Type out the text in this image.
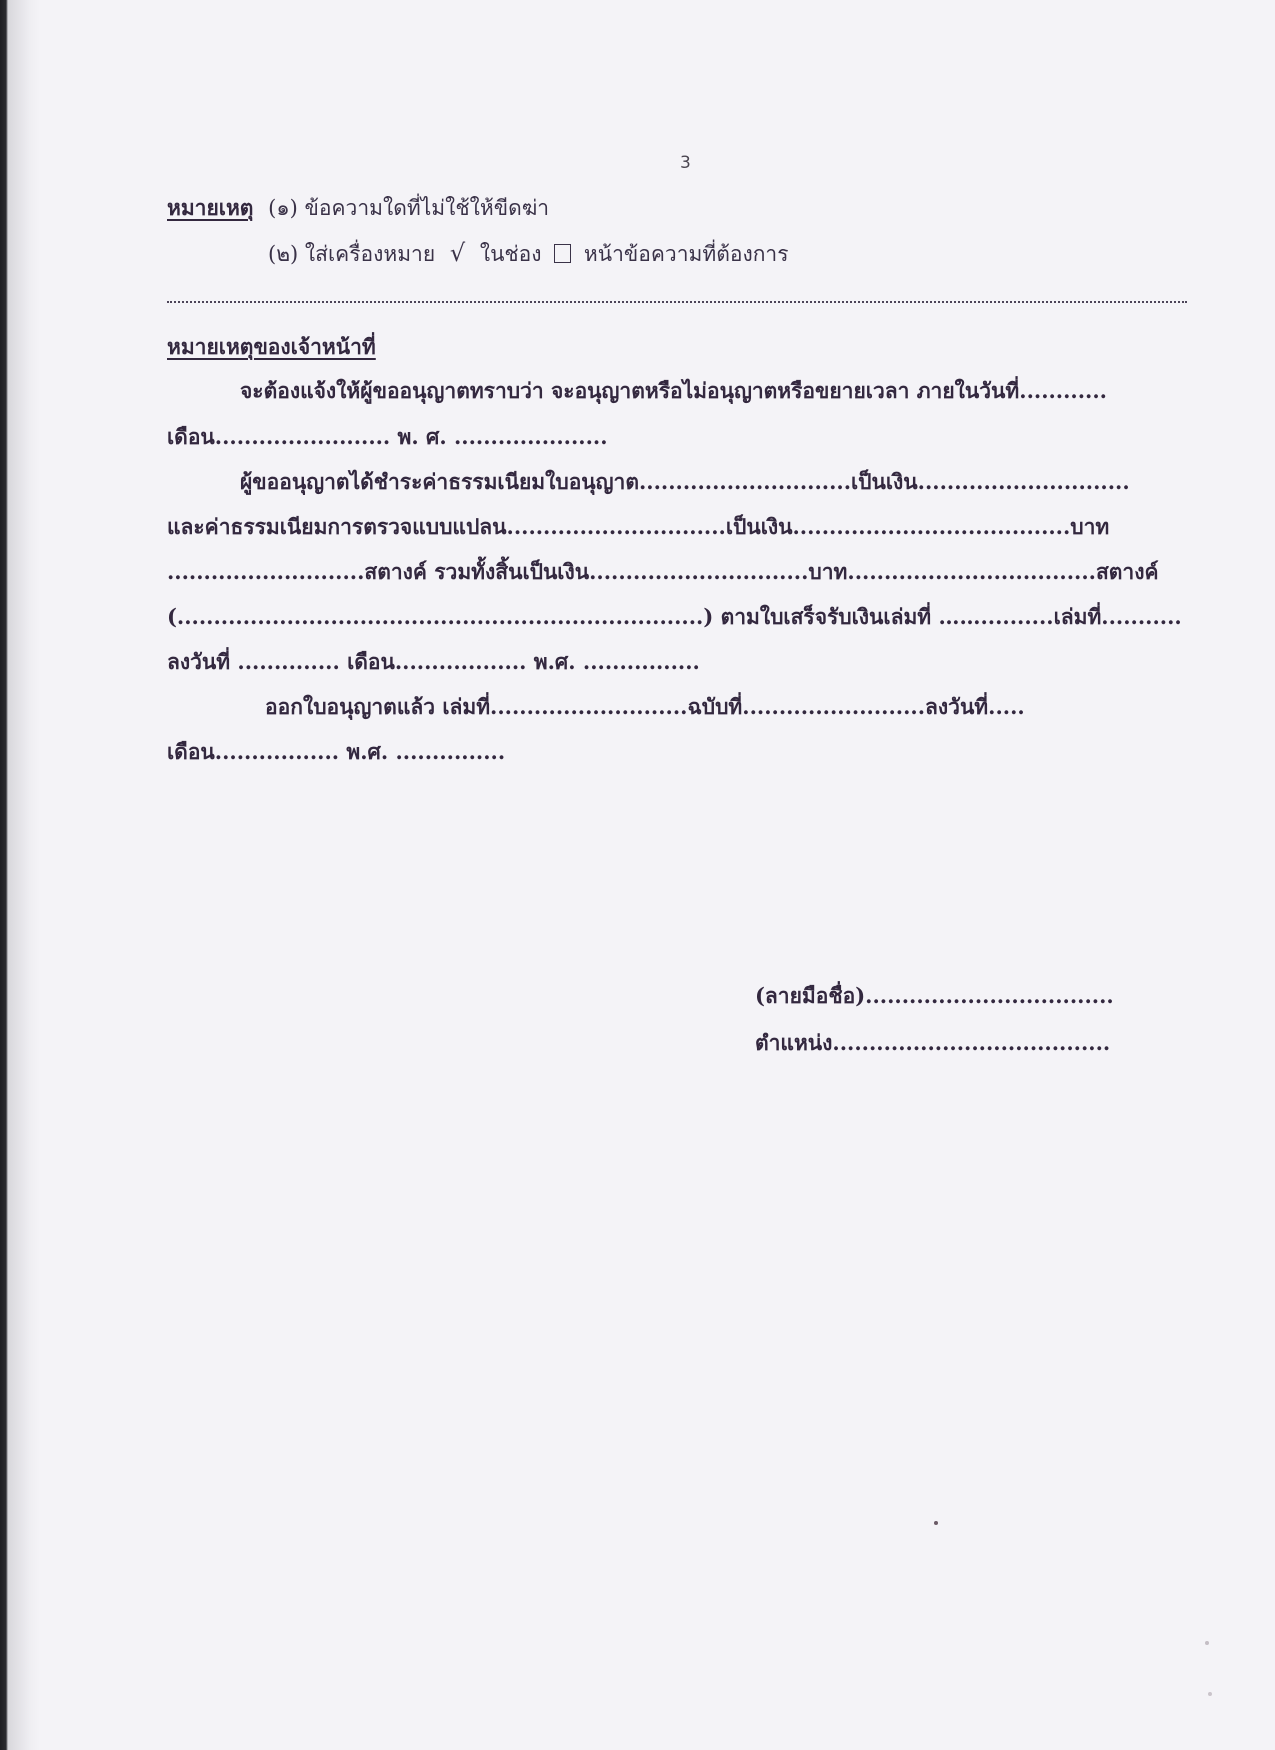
3
หมายเหตุ (๑) ข้อความใดที่ไม่ใช้ให้ขีดฆ่า
(๒) ใส่เครื่องหมาย √ ในช่อง หน้าข้อความที่ต้องการ
หมายเหตุของเจ้าหน้าที่
จะต้องแจ้งให้ผู้ขออนุญาตทราบว่า จะอนุญาตหรือไม่อนุญาตหรือขยายเวลา ภายในวันที่............
เดือน........................ พ. ศ. .....................
ผู้ขออนุญาตได้ชำระค่าธรรมเนียมใบอนุญาต.............................เป็นเงิน.............................
และค่าธรรมเนียมการตรวจแบบแปลน..............................เป็นเงิน......................................บาท
...........................สตางค์ รวมทั้งสิ้นเป็นเงิน..............................บาท..................................สตางค์
(........................................................................) ตามใบเสร็จรับเงินเล่มที่ ……..........เล่มที่...........
ลงวันที่ .............. เดือน.................. พ.ศ. ................
ออกใบอนุญาตแล้ว เล่มที่...........................ฉบับที่.........................ลงวันที่.....
เดือน................. พ.ศ. ...............
(ลายมือชื่อ)..................................
ตำแหน่ง......................................
